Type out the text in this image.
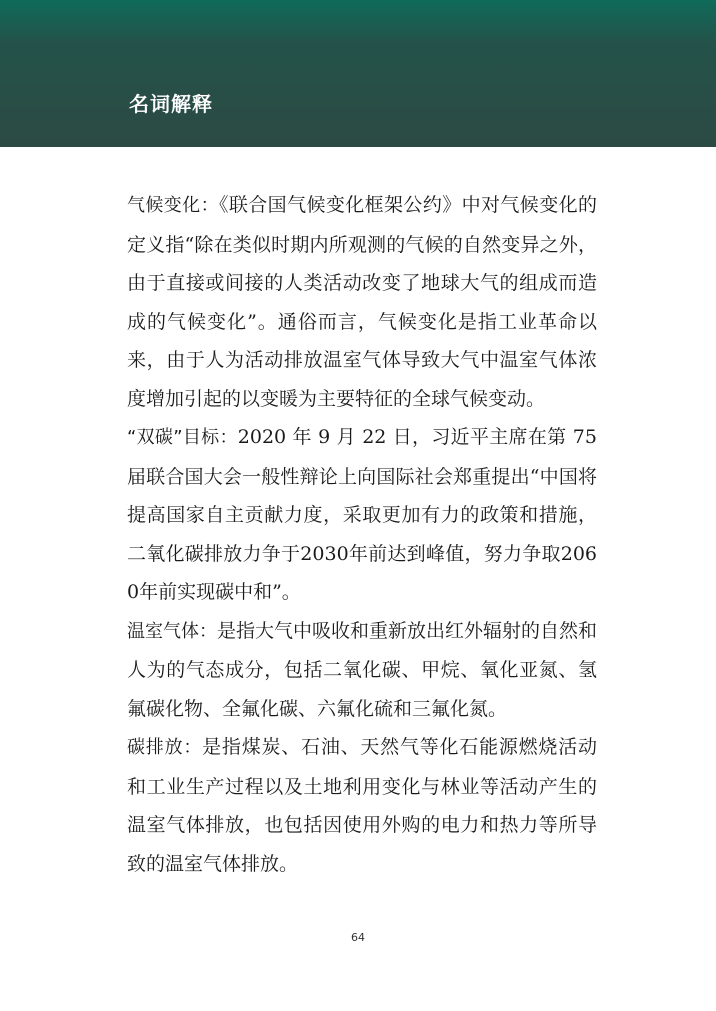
名词解释

气候变化：《联合国气候变化框架公约》中对气候变化的定义指“除在类似时期内所观测的气候的自然变异之外，由于直接或间接的人类活动改变了地球大气的组成而造成的气候变化”。通俗而言，气候变化是指工业革命以来，由于人为活动排放温室气体导致大气中温室气体浓度增加引起的以变暖为主要特征的全球气候变动。

“双碳”目标：2020 年 9 月 22 日，习近平主席在第 75 届联合国大会一般性辩论上向国际社会郑重提出“中国将提高国家自主贡献力度，采取更加有力的政策和措施，二氧化碳排放力争于2030年前达到峰值，努力争取2060年前实现碳中和”。

温室气体：是指大气中吸收和重新放出红外辐射的自然和人为的气态成分，包括二氧化碳、甲烷、氧化亚氮、氢氟碳化物、全氟化碳、六氟化硫和三氟化氮。

碳排放：是指煤炭、石油、天然气等化石能源燃烧活动和工业生产过程以及土地利用变化与林业等活动产生的温室气体排放，也包括因使用外购的电力和热力等所导致的温室气体排放。

64
